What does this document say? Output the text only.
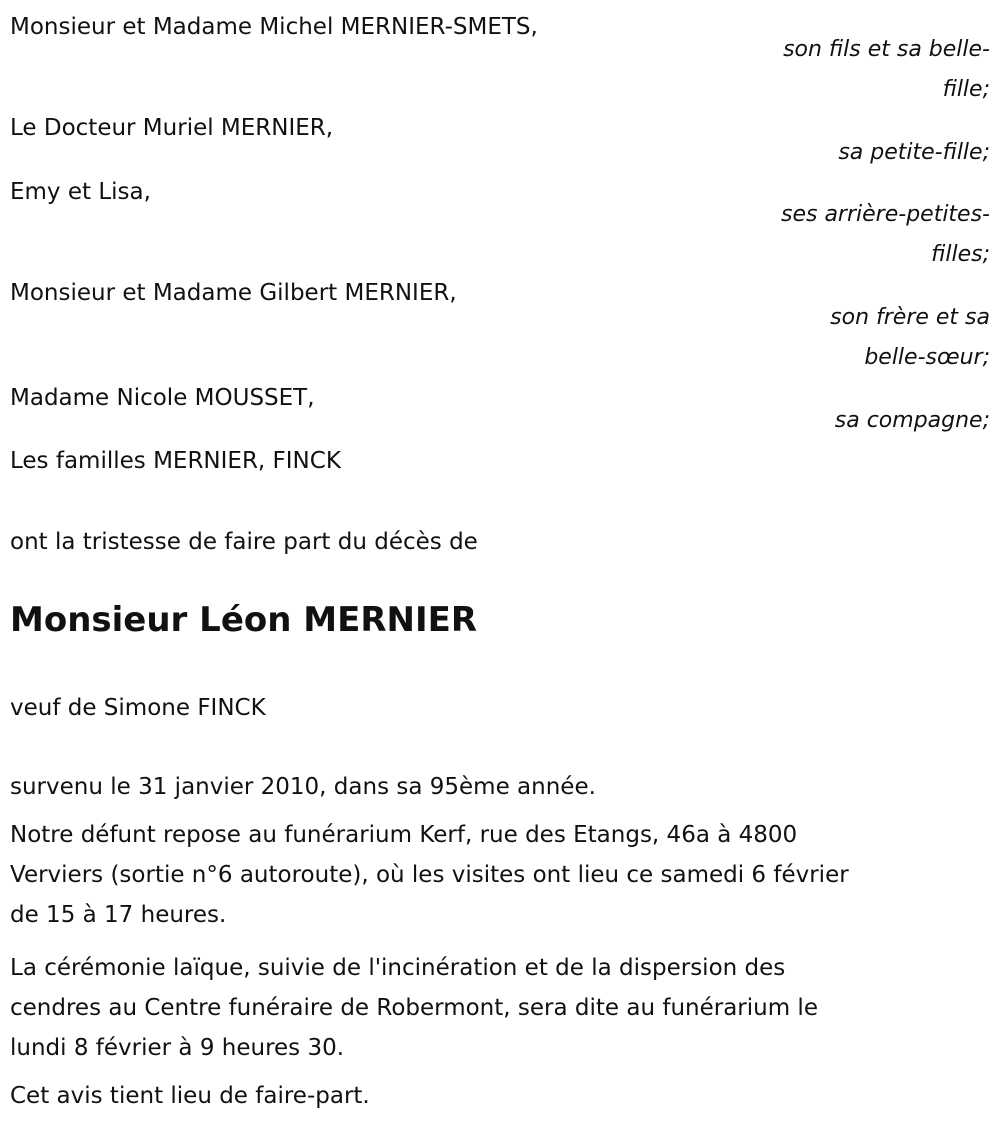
Monsieur et Madame Michel MERNIER-SMETS,
son fils et sa belle-
fille;
Le Docteur Muriel MERNIER,
sa petite-fille;
Emy et Lisa,
ses arrière-petites-
filles;
Monsieur et Madame Gilbert MERNIER,
son frère et sa
belle-sœur;
Madame Nicole MOUSSET,
sa compagne;
Les familles MERNIER, FINCK
ont la tristesse de faire part du décès de
Monsieur Léon MERNIER
veuf de Simone FINCK
survenu le 31 janvier 2010, dans sa 95ème année.
Notre défunt repose au funérarium Kerf, rue des Etangs, 46a à 4800
Verviers (sortie n°6 autoroute), où les visites ont lieu ce samedi 6 février
de 15 à 17 heures.
La cérémonie laïque, suivie de l'incinération et de la dispersion des
cendres au Centre funéraire de Robermont, sera dite au funérarium le
lundi 8 février à 9 heures 30.
Cet avis tient lieu de faire-part.
